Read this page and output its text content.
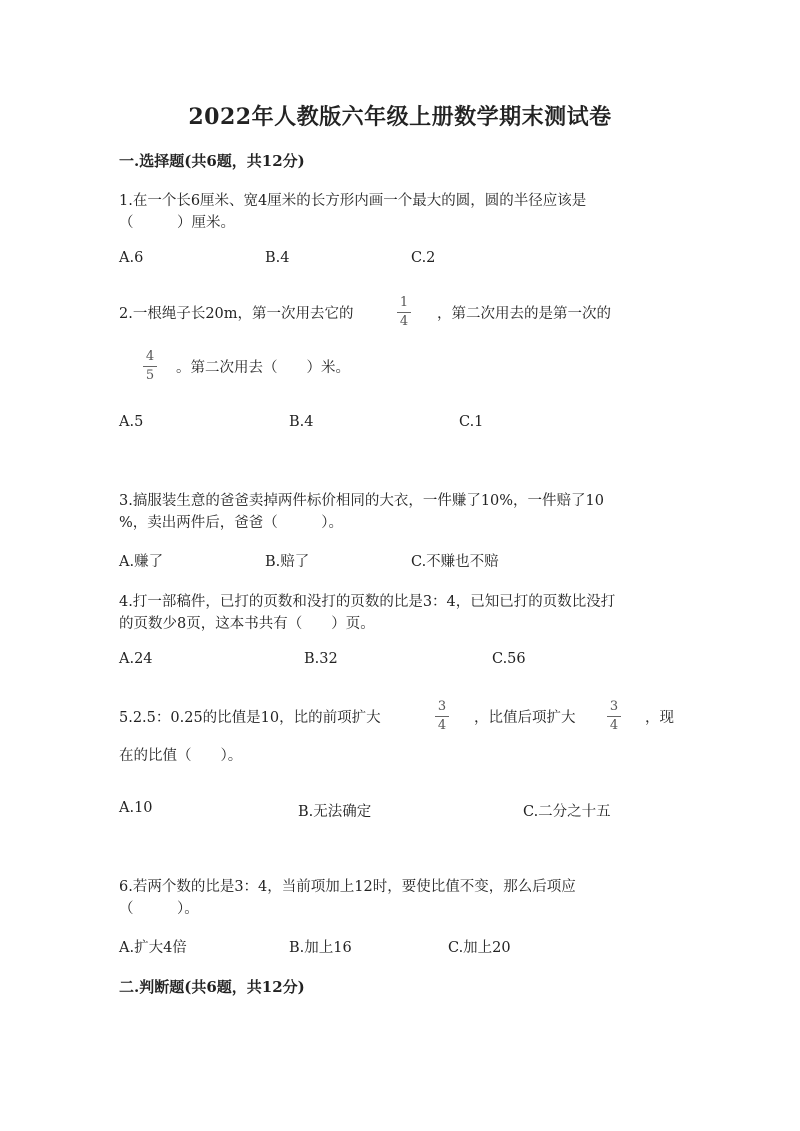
2022年人教版六年级上册数学期末测试卷
一.选择题(共6题，共12分)
1.在一个长6厘米、宽4厘米的长方形内画一个最大的圆，圆的半径应该是
（　　　）厘米。
A.6	B.4	C.2
2.一根绳子长20m，第一次用去它的
1
4	，第二次用去的是第一次的
4
5	。第二次用去（　　）米。
A.5	B.4	C.1
3.搞服装生意的爸爸卖掉两件标价相同的大衣，一件赚了10%，一件赔了10
%，卖出两件后，爸爸（　　　）。
A.赚了	B.赔了	C.不赚也不赔
4.打一部稿件，已打的页数和没打的页数的比是3：4，已知已打的页数比没打
的页数少8页，这本书共有（　　）页。
A.24	B.32	C.56
5.2.5：0.25的比值是10，比的前项扩大
3
4	，比值后项扩大
3
4	，现
在的比值（　　）。
A.10	B.无法确定	C.二分之十五
6.若两个数的比是3：4，当前项加上12时，要使比值不变，那么后项应
（　　　）。
A.扩大4倍	B.加上16	C.加上20
二.判断题(共6题，共12分)
